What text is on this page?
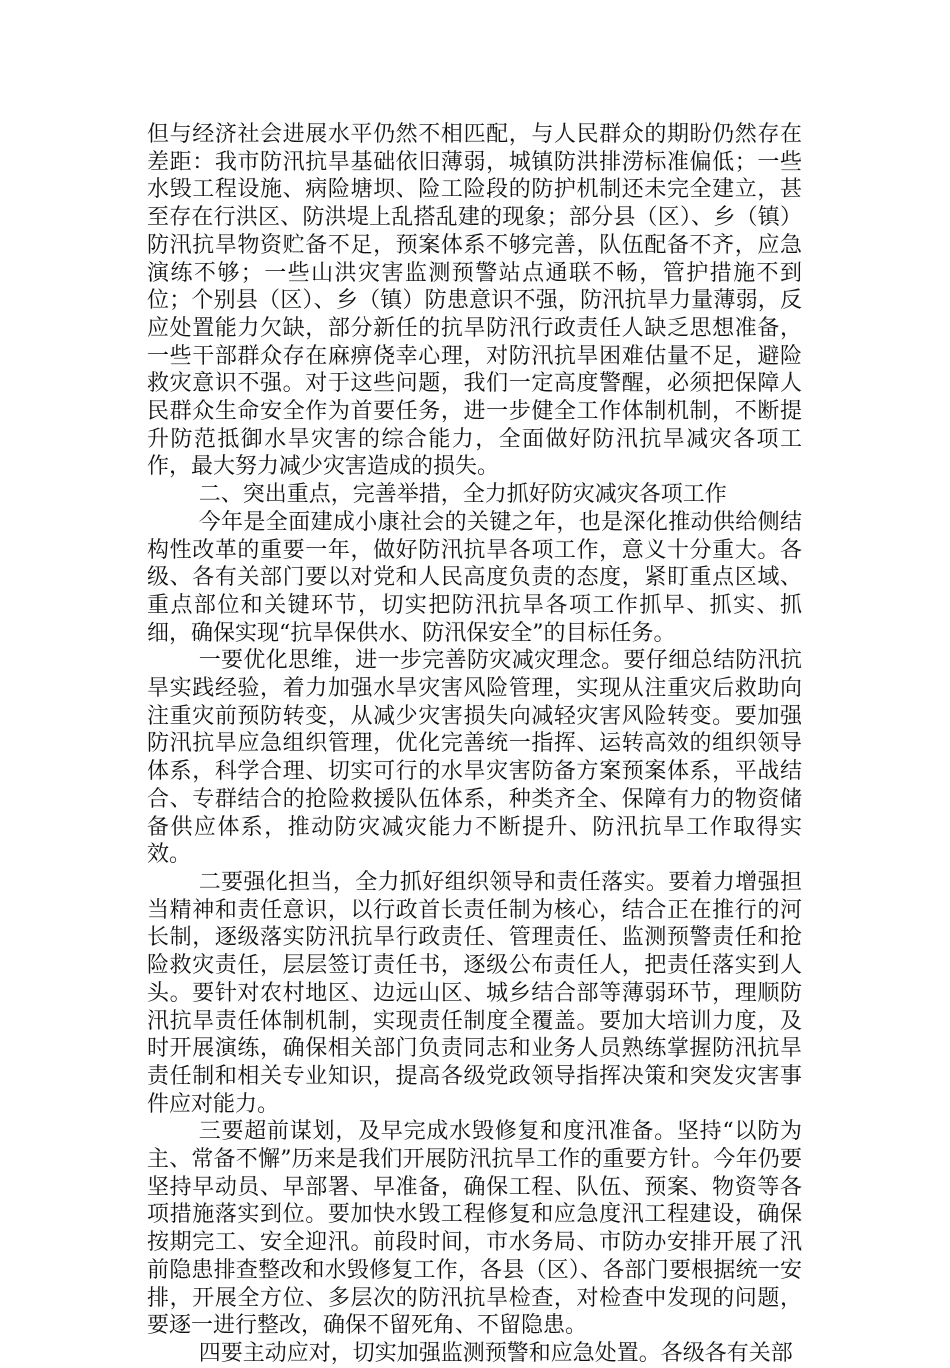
但与经济社会进展水平仍然不相匹配，与人民群众的期盼仍然存在差距：我市防汛抗旱基础依旧薄弱，城镇防洪排涝标准偏低；一些水毁工程设施、病险塘坝、险工险段的防护机制还未完全建立，甚至存在行洪区、防洪堤上乱搭乱建的现象；部分县（区）、乡（镇）防汛抗旱物资贮备不足，预案体系不够完善，队伍配备不齐，应急演练不够；一些山洪灾害监测预警站点通联不畅，管护措施不到位；个别县（区）、乡（镇）防患意识不强，防汛抗旱力量薄弱，反应处置能力欠缺，部分新任的抗旱防汛行政责任人缺乏思想准备，一些干部群众存在麻痹侥幸心理，对防汛抗旱困难估量不足，避险救灾意识不强。对于这些问题，我们一定高度警醒，必须把保障人民群众生命安全作为首要任务，进一步健全工作体制机制，不断提升防范抵御水旱灾害的综合能力，全面做好防汛抗旱减灾各项工作，最大努力减少灾害造成的损失。

二、突出重点，完善举措，全力抓好防灾减灾各项工作

今年是全面建成小康社会的关键之年，也是深化推动供给侧结构性改革的重要一年，做好防汛抗旱各项工作，意义十分重大。各级、各有关部门要以对党和人民高度负责的态度，紧盯重点区域、重点部位和关键环节，切实把防汛抗旱各项工作抓早、抓实、抓细，确保实现“抗旱保供水、防汛保安全”的目标任务。

一要优化思维，进一步完善防灾减灾理念。要仔细总结防汛抗旱实践经验，着力加强水旱灾害风险管理，实现从注重灾后救助向注重灾前预防转变，从减少灾害损失向减轻灾害风险转变。要加强防汛抗旱应急组织管理，优化完善统一指挥、运转高效的组织领导体系，科学合理、切实可行的水旱灾害防备方案预案体系，平战结合、专群结合的抢险救援队伍体系，种类齐全、保障有力的物资储备供应体系，推动防灾减灾能力不断提升、防汛抗旱工作取得实效。

二要强化担当，全力抓好组织领导和责任落实。要着力增强担当精神和责任意识，以行政首长责任制为核心，结合正在推行的河长制，逐级落实防汛抗旱行政责任、管理责任、监测预警责任和抢险救灾责任，层层签订责任书，逐级公布责任人，把责任落实到人头。要针对农村地区、边远山区、城乡结合部等薄弱环节，理顺防汛抗旱责任体制机制，实现责任制度全覆盖。要加大培训力度，及时开展演练，确保相关部门负责同志和业务人员熟练掌握防汛抗旱责任制和相关专业知识，提高各级党政领导指挥决策和突发灾害事件应对能力。

三要超前谋划，及早完成水毁修复和度汛准备。坚持“以防为主、常备不懈”历来是我们开展防汛抗旱工作的重要方针。今年仍要坚持早动员、早部署、早准备，确保工程、队伍、预案、物资等各项措施落实到位。要加快水毁工程修复和应急度汛工程建设，确保按期完工、安全迎汛。前段时间，市水务局、市防办安排开展了汛前隐患排查整改和水毁修复工作，各县（区）、各部门要根据统一安排，开展全方位、多层次的防汛抗旱检查，对检查中发现的问题，要逐一进行整改，确保不留死角、不留隐患。

四要主动应对，切实加强监测预警和应急处置。各级各有关部
